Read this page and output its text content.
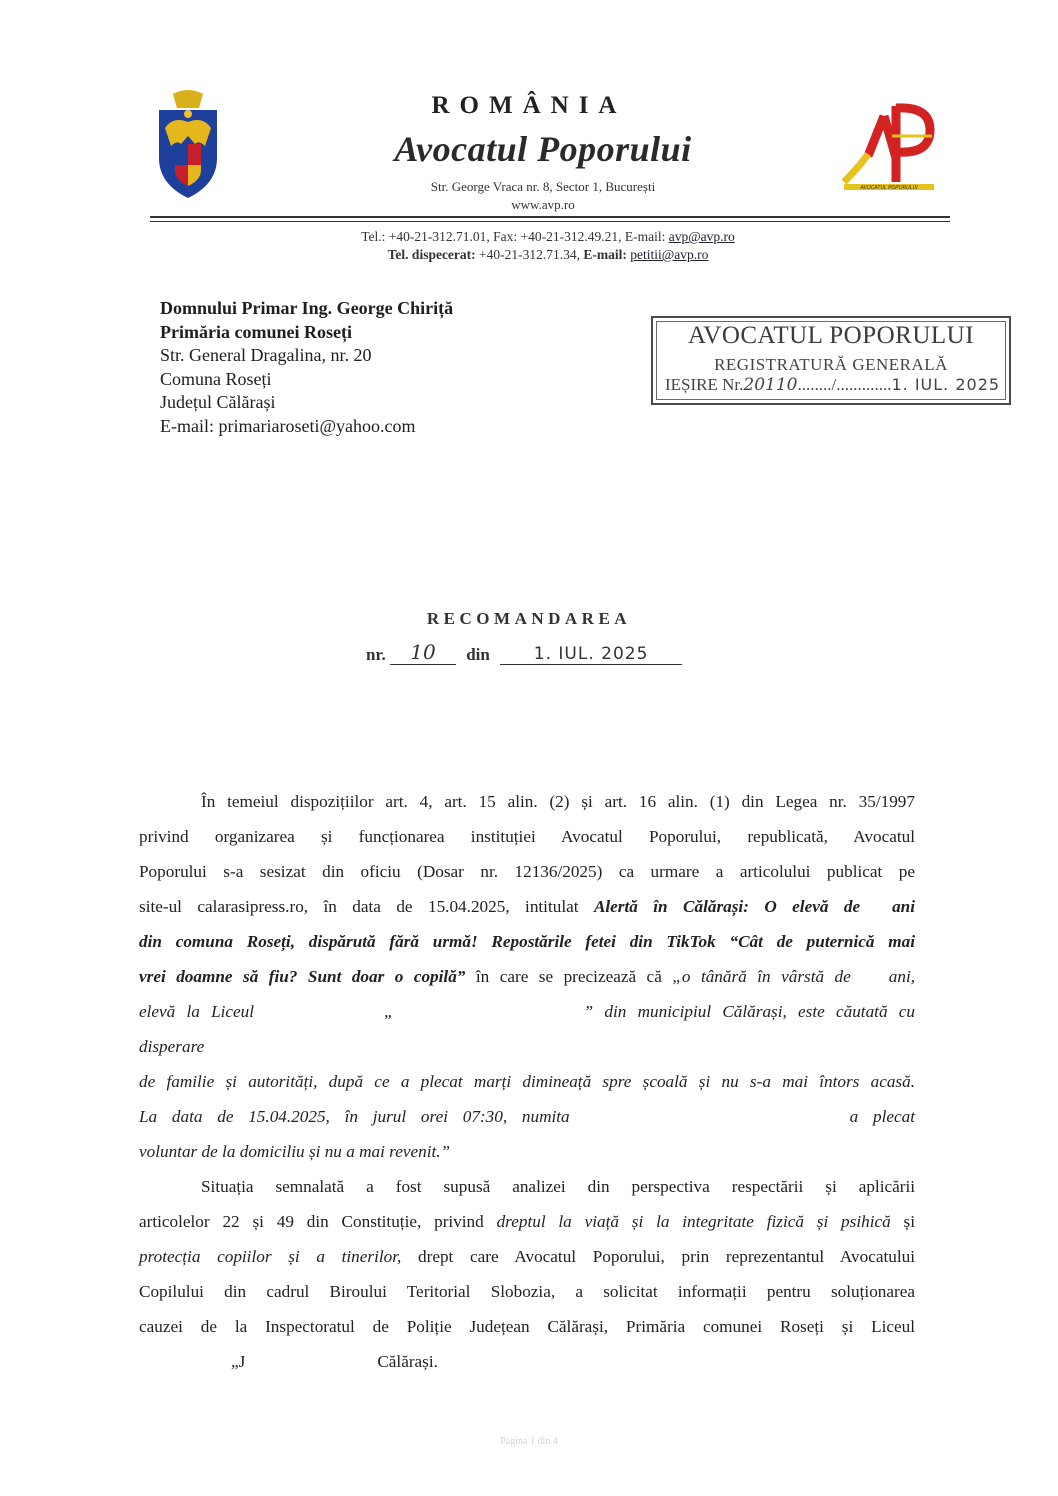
ROMÂNIA
Avocatul Poporului
Str. George Vraca nr. 8, Sector 1, București
www.avp.ro
AVOCATUL POPORULUI
Tel.: +40-21-312.71.01, Fax: +40-21-312.49.21, E-mail: avp@avp.ro
Tel. dispecerat: +40-21-312.71.34, E-mail: petitii@avp.ro
Domnului Primar Ing. George Chiriță
Primăria comunei Roseți
Str. General Dragalina, nr. 20
Comuna Roseți
Județul Călărași
E-mail: primariaroseti@yahoo.com
AVOCATUL POPORULUI
REGISTRATURĂ GENERALĂ
IEȘIRE Nr.20110......../.............1. IUL. 2025
RECOMANDAREA
nr. 10 din	1. IUL. 2025
În temeiul dispozițiilor art. 4, art. 15 alin. (2) și art. 16 alin. (1) din Legea nr. 35/1997
privind organizarea și funcționarea instituției Avocatul Poporului, republicată, Avocatul
Poporului s-a sesizat din oficiu (Dosar nr. 12136/2025) ca urmare a articolului publicat pe
site-ul calarasipress.ro, în data de 15.04.2025, intitulat Alertă în Călărași: O elevă de ani
din comuna Roseți, dispărută fără urmă! Repostările fetei din TikTok “Cât de puternică mai
vrei doamne să fiu? Sunt doar o copilă” în care se precizează că „o tânără în vârstă de ani,
elevă la Liceul	„	” din municipiul Călărași, este căutată cu disperare
de familie și autorități, după ce a plecat marți dimineață spre școală și nu s-a mai întors acasă.
La data de 15.04.2025, în jurul orei 07:30, numita	a plecat
voluntar de la domiciliu și nu a mai revenit.”
Situația semnalată a fost supusă analizei din perspectiva respectării și aplicării
articolelor 22 și 49 din Constituție, privind dreptul la viață și la integritate fizică și psihică și
protecția copiilor și a tinerilor, drept care Avocatul Poporului, prin reprezentantul Avocatului
Copilului din cadrul Biroului Teritorial Slobozia, a solicitat informații pentru soluționarea
cauzei de la Inspectoratul de Poliție Județean Călărași, Primăria comunei Roseți și Liceul
„J	Călărași.
Pagina 1 din 4
